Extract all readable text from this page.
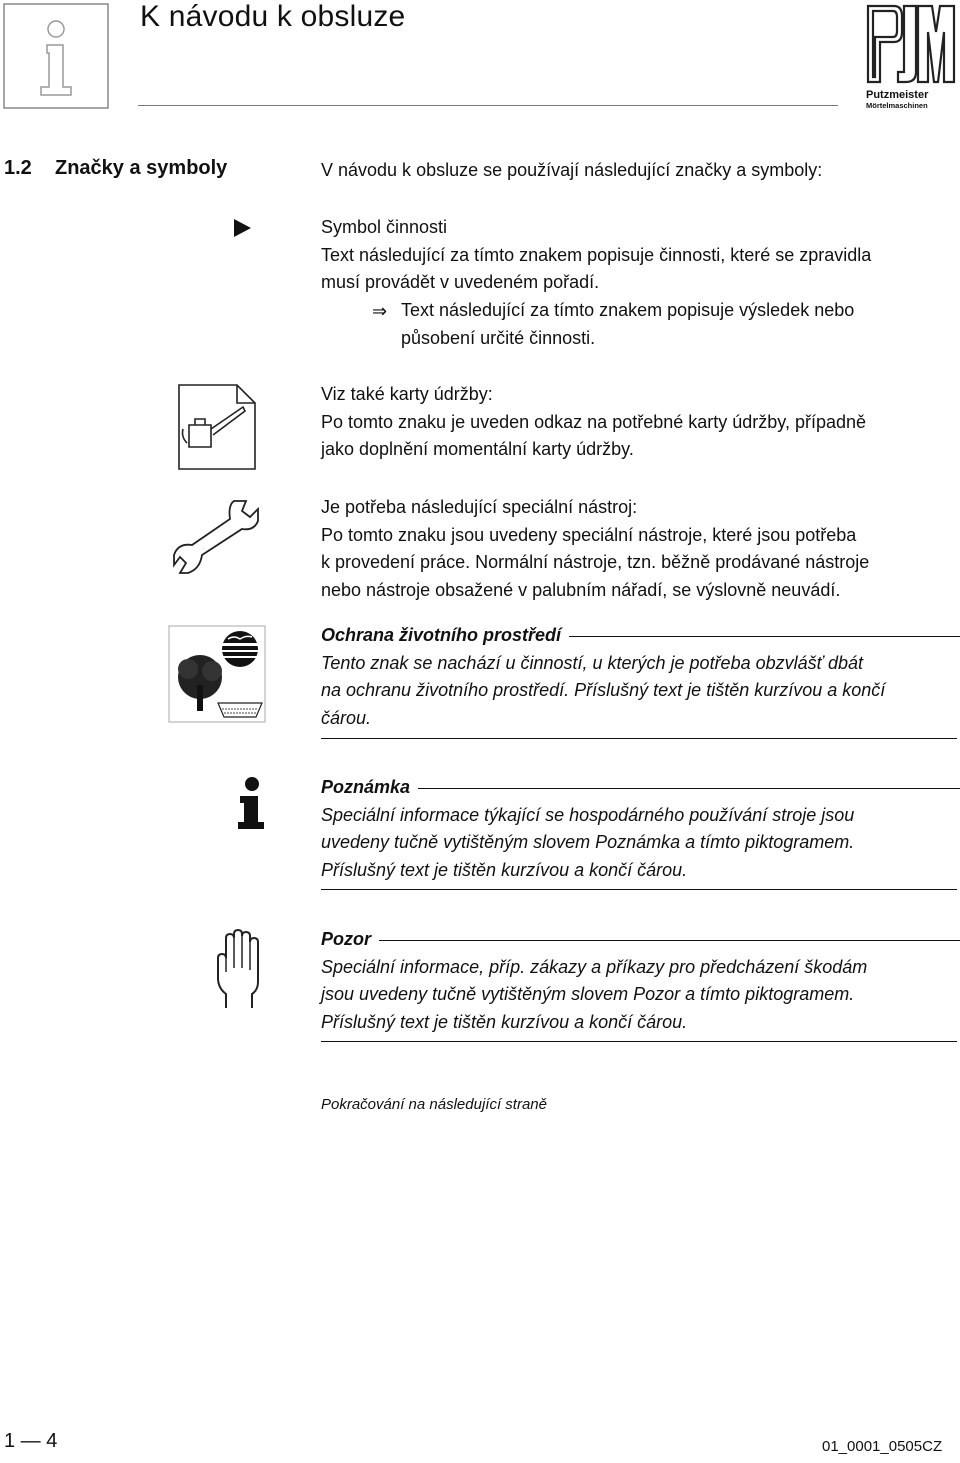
K návodu k obsluze
Putzmeister
Mörtelmaschinen
1.2 Značky a symboly	V návodu k obsluze se používají následující značky a symboly:
Symbol činnosti
Text následující za tímto znakem popisuje činnosti, které se zpravidla
musí provádět v uvedeném pořadí.
⇒ Text následující za tímto znakem popisuje výsledek nebo
působení určité činnosti.
Viz také karty údržby:
Po tomto znaku je uveden odkaz na potřebné karty údržby, případně
jako doplnění momentální karty údržby.
Je potřeba následující speciální nástroj:
Po tomto znaku jsou uvedeny speciální nástroje, které jsou potřeba
k provedení práce. Normální nástroje, tzn. běžně prodávané nástroje
nebo nástroje obsažené v palubním nářadí, se výslovně neuvádí.
Ochrana životního prostředí
Tento znak se nachází u činností, u kterých je potřeba obzvlášť dbát
na ochranu životního prostředí. Příslušný text je tištěn kurzívou a končí
čárou.
Poznámka
Speciální informace týkající se hospodárného používání stroje jsou
uvedeny tučně vytištěným slovem Poznámka a tímto piktogramem.
Příslušný text je tištěn kurzívou a končí čárou.
Pozor
Speciální informace, příp. zákazy a příkazy pro předcházení škodám
jsou uvedeny tučně vytištěným slovem Pozor a tímto piktogramem.
Příslušný text je tištěn kurzívou a končí čárou.
Pokračování na následující straně
1 — 4	01_0001_0505CZ
